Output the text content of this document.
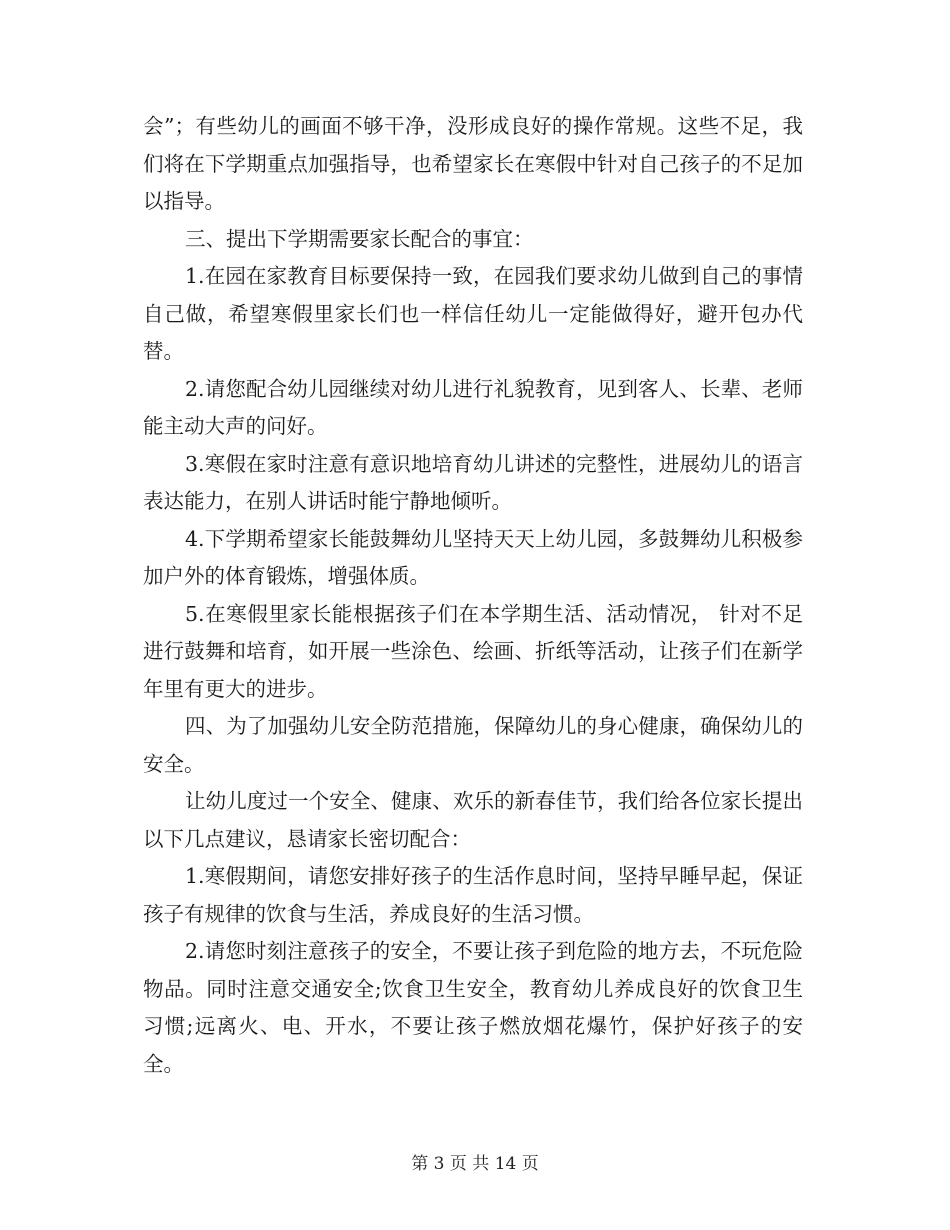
会”；有些幼儿的画面不够干净，没形成良好的操作常规。这些不足，我们将在下学期重点加强指导，也希望家长在寒假中针对自己孩子的不足加以指导。

三、提出下学期需要家长配合的事宜：

1.在园在家教育目标要保持一致，在园我们要求幼儿做到自己的事情自己做，希望寒假里家长们也一样信任幼儿一定能做得好，避开包办代替。

2.请您配合幼儿园继续对幼儿进行礼貌教育，见到客人、长辈、老师能主动大声的问好。

3.寒假在家时注意有意识地培育幼儿讲述的完整性，进展幼儿的语言表达能力，在别人讲话时能宁静地倾听。

4.下学期希望家长能鼓舞幼儿坚持天天上幼儿园，多鼓舞幼儿积极参加户外的体育锻炼，增强体质。

5.在寒假里家长能根据孩子们在本学期生活、活动情况， 针对不足进行鼓舞和培育，如开展一些涂色、绘画、折纸等活动，让孩子们在新学年里有更大的进步。

四、为了加强幼儿安全防范措施，保障幼儿的身心健康，确保幼儿的安全。

让幼儿度过一个安全、健康、欢乐的新春佳节，我们给各位家长提出以下几点建议，恳请家长密切配合：

1.寒假期间，请您安排好孩子的生活作息时间，坚持早睡早起，保证孩子有规律的饮食与生活，养成良好的生活习惯。

2.请您时刻注意孩子的安全，不要让孩子到危险的地方去，不玩危险物品。同时注意交通安全;饮食卫生安全，教育幼儿养成良好的饮食卫生习惯;远离火、电、开水，不要让孩子燃放烟花爆竹，保护好孩子的安全。

第 3 页 共 14 页
